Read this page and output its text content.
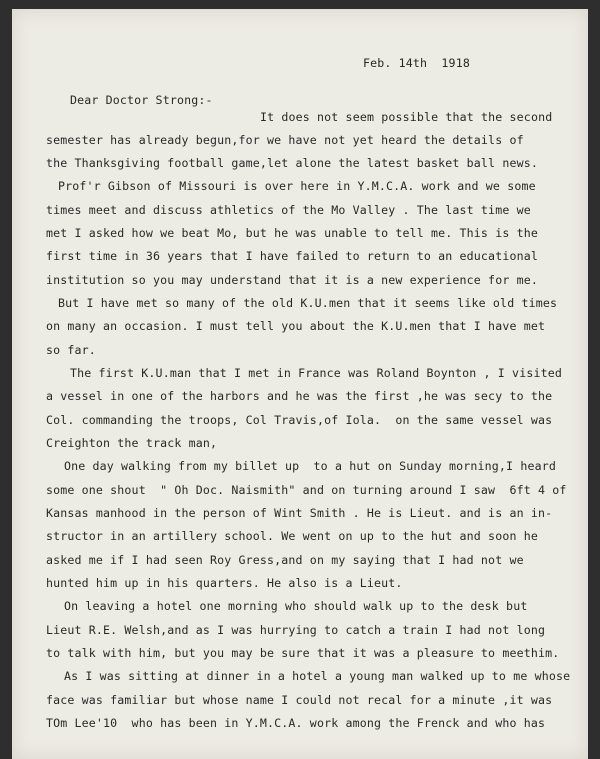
Feb. 14th  1918

Dear Doctor Strong:-

It does not seem possible that the second

semester has already begun,for we have not yet heard the details of

the Thanksgiving football game,let alone the latest basket ball news.

Prof'r Gibson of Missouri is over here in Y.M.C.A. work and we some

times meet and discuss athletics of the Mo Valley . The last time we

met I asked how we beat Mo, but he was unable to tell me. This is the

first time in 36 years that I have failed to return to an educational

institution so you may understand that it is a new experience for me.

But I have met so many of the old K.U.men that it seems like old times

on many an occasion. I must tell you about the K.U.men that I have met

so far.

The first K.U.man that I met in France was Roland Boynton , I visited

a vessel in one of the harbors and he was the first ,he was secy to the

Col. commanding the troops, Col Travis,of Iola.  on the same vessel was

Creighton the track man,

One day walking from my billet up  to a hut on Sunday morning,I heard

some one shout  " Oh Doc. Naismith" and on turning around I saw  6ft 4 of

Kansas manhood in the person of Wint Smith . He is Lieut. and is an in-

structor in an artillery school. We went on up to the hut and soon he

asked me if I had seen Roy Gress,and on my saying that I had not we

hunted him up in his quarters. He also is a Lieut.

On leaving a hotel one morning who should walk up to the desk but

Lieut R.E. Welsh,and as I was hurrying to catch a train I had not long

to talk with him, but you may be sure that it was a pleasure to meethim.

As I was sitting at dinner in a hotel a young man walked up to me whose

face was familiar but whose name I could not recal for a minute ,it was

TOm Lee'10  who has been in Y.M.C.A. work among the Frenck and who has
